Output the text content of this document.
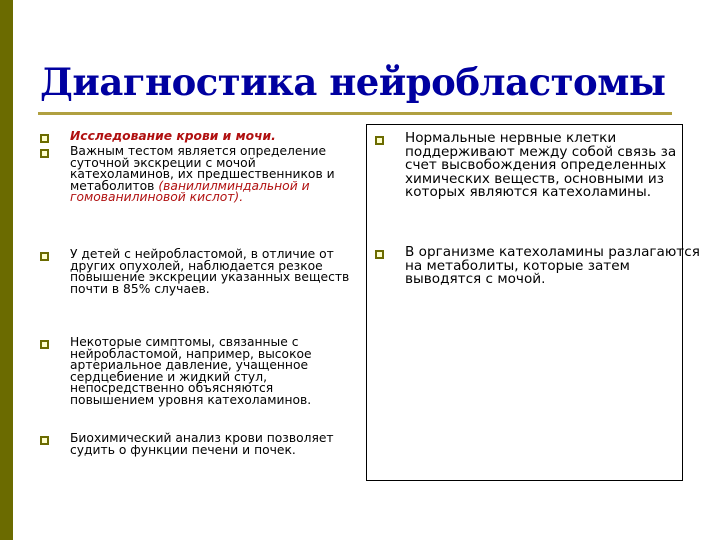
Диагностика нейробластомы
Исследование крови и мочи.
Важным тестом является определение суточной экскреции с мочой катехоламинов, их предшественников и метаболитов (ванилилминдальной и гомованилиновой кислот).
У детей с нейробластомой, в отличие от других опухолей, наблюдается резкое повышение экскреции указанных веществ почти в 85% случаев.
Некоторые симптомы, связанные с нейробластомой, например, высокое артериальное давление, учащенное сердцебиение и жидкий стул, непосредственно объясняются повышением уровня катехоламинов.
Биохимический анализ крови позволяет судить о функции печени и почек.
Нормальные нервные клетки поддерживают между собой связь за счет высвобождения определенных химических веществ, основными из которых являются катехоламины.
В организме катехоламины разлагаются на метаболиты, которые затем выводятся с мочой.
